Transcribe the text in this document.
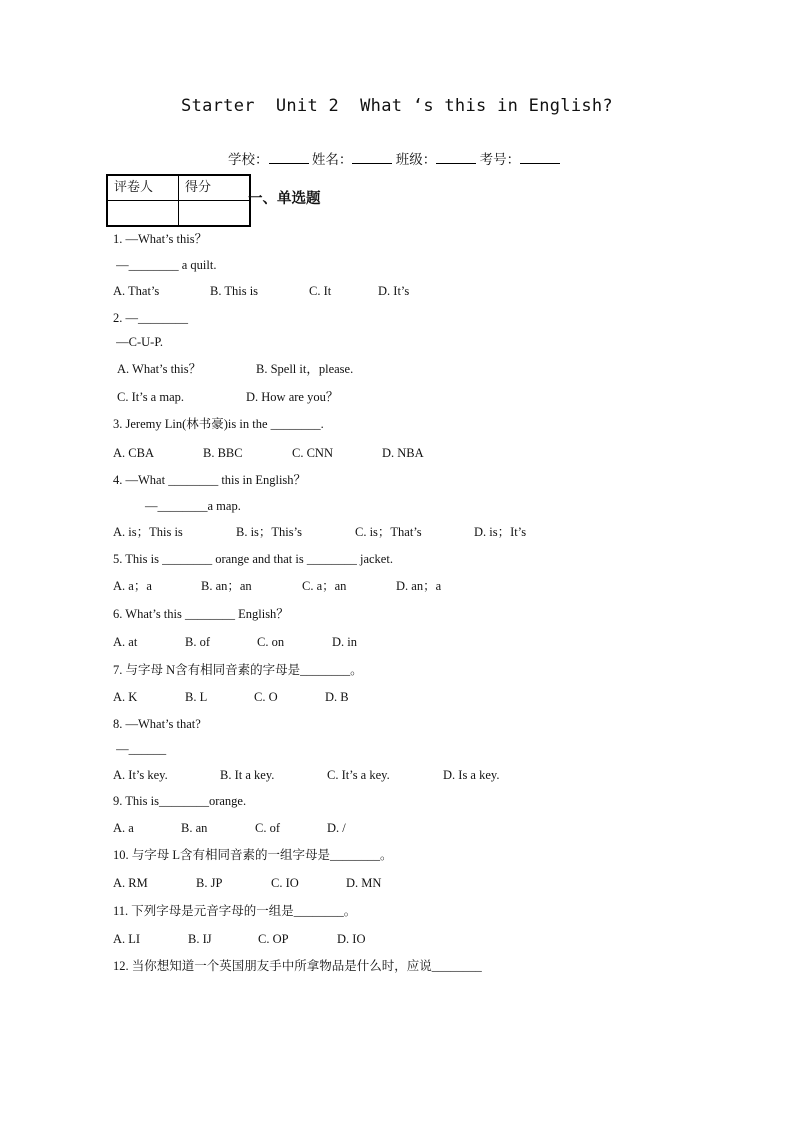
Starter  Unit 2  What ‘s this in English?
学校：	姓名：	班级：	考号：
评卷人	得分

一、单选题
1. —What’s this？
—________ a quilt.
A. That’s	B. This is	C. It	D. It’s
2. —________
—C-U-P.
A. What’s this？	B. Spell it，please.
C. It’s a map.	D. How are you？
3. Jeremy Lin(林书豪)is in the ________.
A. CBA	B. BBC	C. CNN	D. NBA
4. —What ________ this in English？
—________a map.
A. is；This is	B. is；This’s	C. is；That’s	D. is；It’s
5. This is ________ orange and that is ________ jacket.
A. a；a	B. an；an	C. a；an	D. an；a
6. What’s this ________ English？
A. at	B. of	C. on	D. in
7. 与字母 N含有相同音素的字母是________。
A. K	B. L	C. O	D. B
8. —What’s that?
—______
A. It’s key.	B. It a key.	C. It’s a key.	D. Is a key.
9. This is________orange.
A. a	B. an	C. of	D. /
10. 与字母 L含有相同音素的一组字母是________。
A. RM	B. JP	C. IO	D. MN
11. 下列字母是元音字母的一组是________。
A. LI	B. IJ	C. OP	D. IO
12. 当你想知道一个英国朋友手中所拿物品是什么时，应说________
